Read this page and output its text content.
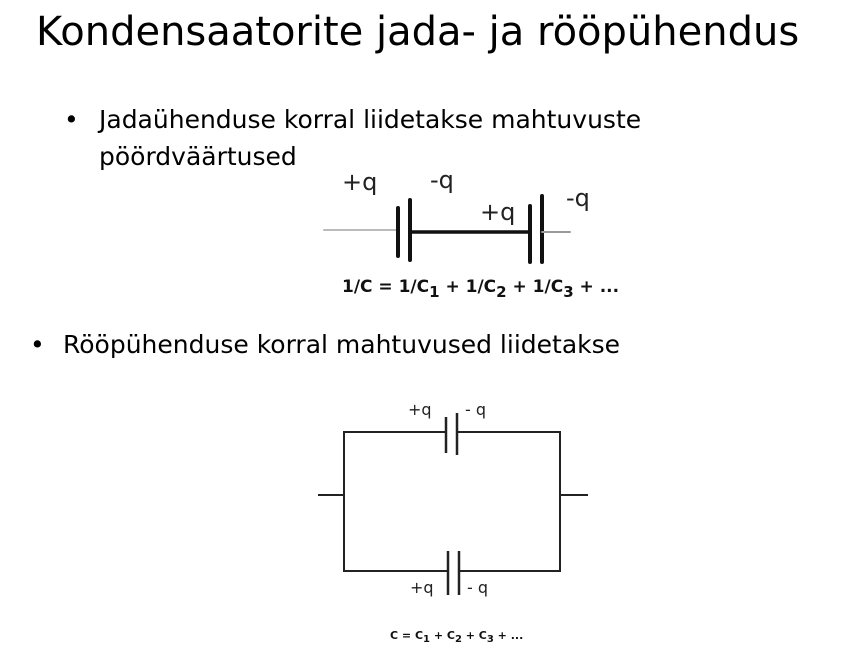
Kondensaatorite jada- ja rööpühendus
• Jadaühenduse korral liidetakse mahtuvuste
pöördväärtused
• Rööpühenduse korral mahtuvused liidetakse
+q -q
+q -q
1/C = 1/C1 + 1/C2 + 1/C3 + ...
+q - q
+q - q
C = C1 + C2 + C3 + ...
